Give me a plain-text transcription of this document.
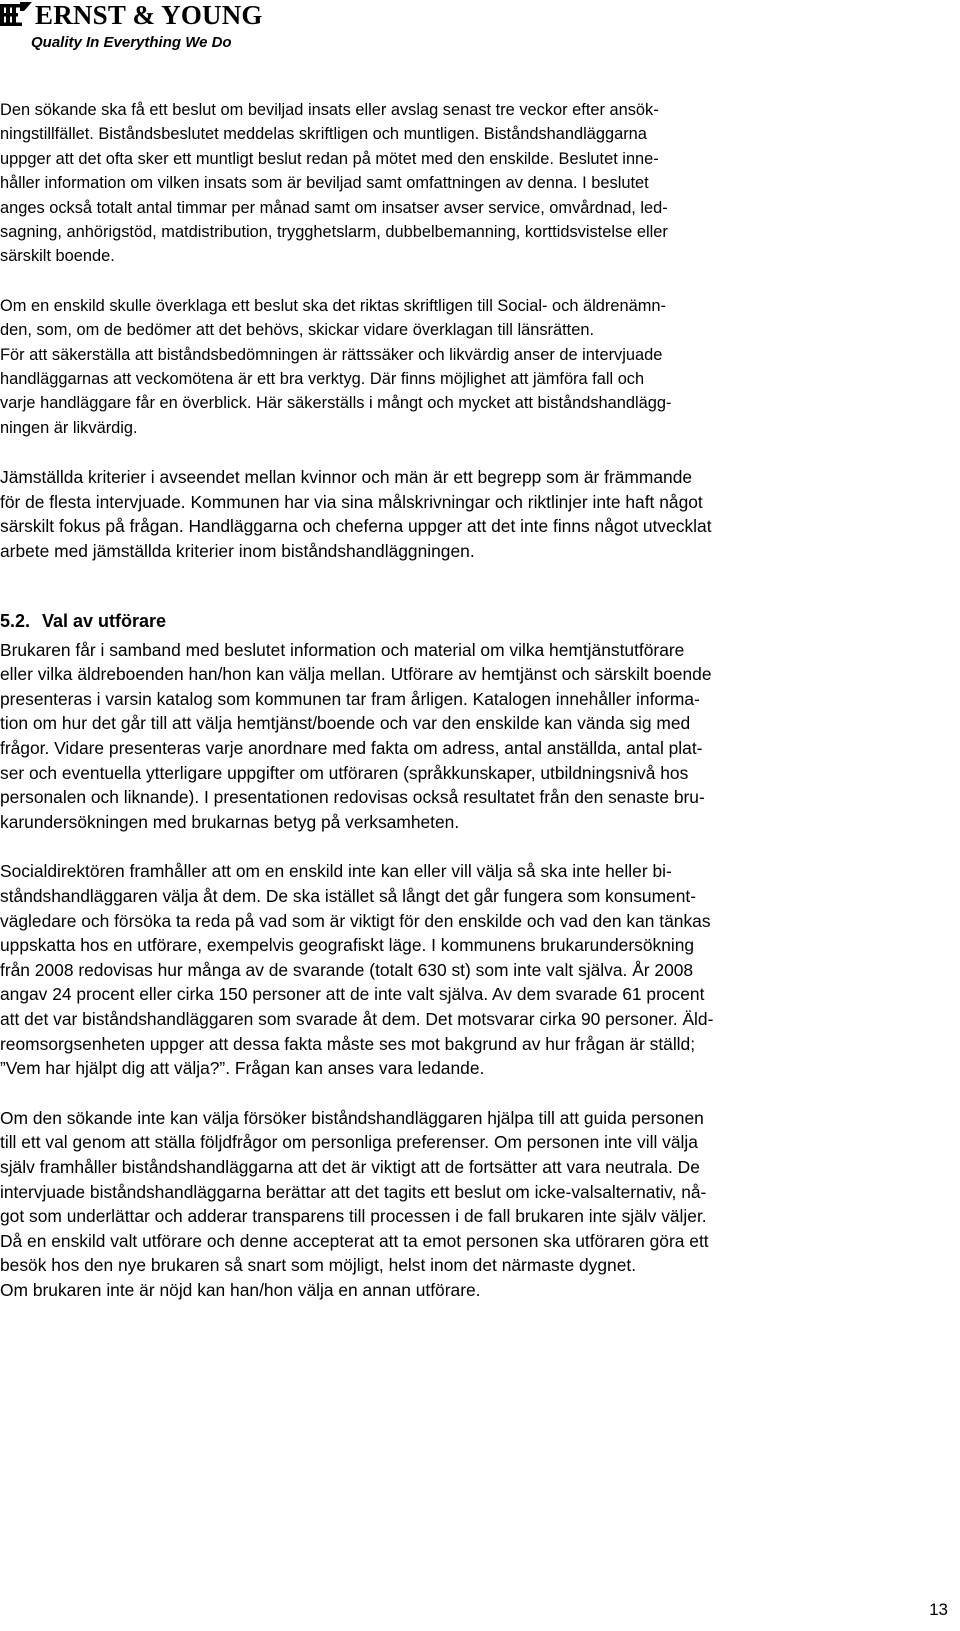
ERNST & YOUNG
Quality In Everything We Do
Den sökande ska få ett beslut om beviljad insats eller avslag senast tre veckor efter ansök-
ningstillfället. Biståndsbeslutet meddelas skriftligen och muntligen. Biståndshandläggarna
uppger att det ofta sker ett muntligt beslut redan på mötet med den enskilde. Beslutet inne-
håller information om vilken insats som är beviljad samt omfattningen av denna. I beslutet
anges också totalt antal timmar per månad samt om insatser avser service, omvårdnad, led-
sagning, anhörigstöd, matdistribution, trygghetslarm, dubbelbemanning, korttidsvistelse eller
särskilt boende.
Om en enskild skulle överklaga ett beslut ska det riktas skriftligen till Social- och äldrenämn-
den, som, om de bedömer att det behövs, skickar vidare överklagan till länsrätten.
För att säkerställa att biståndsbedömningen är rättssäker och likvärdig anser de intervjuade
handläggarnas att veckomötena är ett bra verktyg. Där finns möjlighet att jämföra fall och
varje handläggare får en överblick. Här säkerställs i mångt och mycket att biståndshandlägg-
ningen är likvärdig.
Jämställda kriterier i avseendet mellan kvinnor och män är ett begrepp som är främmande
för de flesta intervjuade. Kommunen har via sina målskrivningar och riktlinjer inte haft något
särskilt fokus på frågan. Handläggarna och cheferna uppger att det inte finns något utvecklat
arbete med jämställda kriterier inom biståndshandläggningen.
5.2. Val av utförare
Brukaren får i samband med beslutet information och material om vilka hemtjänstutförare
eller vilka äldreboenden han/hon kan välja mellan. Utförare av hemtjänst och särskilt boende
presenteras i varsin katalog som kommunen tar fram årligen. Katalogen innehåller informa-
tion om hur det går till att välja hemtjänst/boende och var den enskilde kan vända sig med
frågor. Vidare presenteras varje anordnare med fakta om adress, antal anställda, antal plat-
ser och eventuella ytterligare uppgifter om utföraren (språkkunskaper, utbildningsnivå hos
personalen och liknande). I presentationen redovisas också resultatet från den senaste bru-
karundersökningen med brukarnas betyg på verksamheten.
Socialdirektören framhåller att om en enskild inte kan eller vill välja så ska inte heller bi-
ståndshandläggaren välja åt dem. De ska istället så långt det går fungera som konsument-
vägledare och försöka ta reda på vad som är viktigt för den enskilde och vad den kan tänkas
uppskatta hos en utförare, exempelvis geografiskt läge. I kommunens brukarundersökning
från 2008 redovisas hur många av de svarande (totalt 630 st) som inte valt själva. År 2008
angav 24 procent eller cirka 150 personer att de inte valt själva. Av dem svarade 61 procent
att det var biståndshandläggaren som svarade åt dem. Det motsvarar cirka 90 personer. Äld-
reomsorgsenheten uppger att dessa fakta måste ses mot bakgrund av hur frågan är ställd;
”Vem har hjälpt dig att välja?”. Frågan kan anses vara ledande.
Om den sökande inte kan välja försöker biståndshandläggaren hjälpa till att guida personen
till ett val genom att ställa följdfrågor om personliga preferenser. Om personen inte vill välja
själv framhåller biståndshandläggarna att det är viktigt att de fortsätter att vara neutrala. De
intervjuade biståndshandläggarna berättar att det tagits ett beslut om icke-valsalternativ, nå-
got som underlättar och adderar transparens till processen i de fall brukaren inte själv väljer.
Då en enskild valt utförare och denne accepterat att ta emot personen ska utföraren göra ett
besök hos den nye brukaren så snart som möjligt, helst inom det närmaste dygnet.
Om brukaren inte är nöjd kan han/hon välja en annan utförare.
13
